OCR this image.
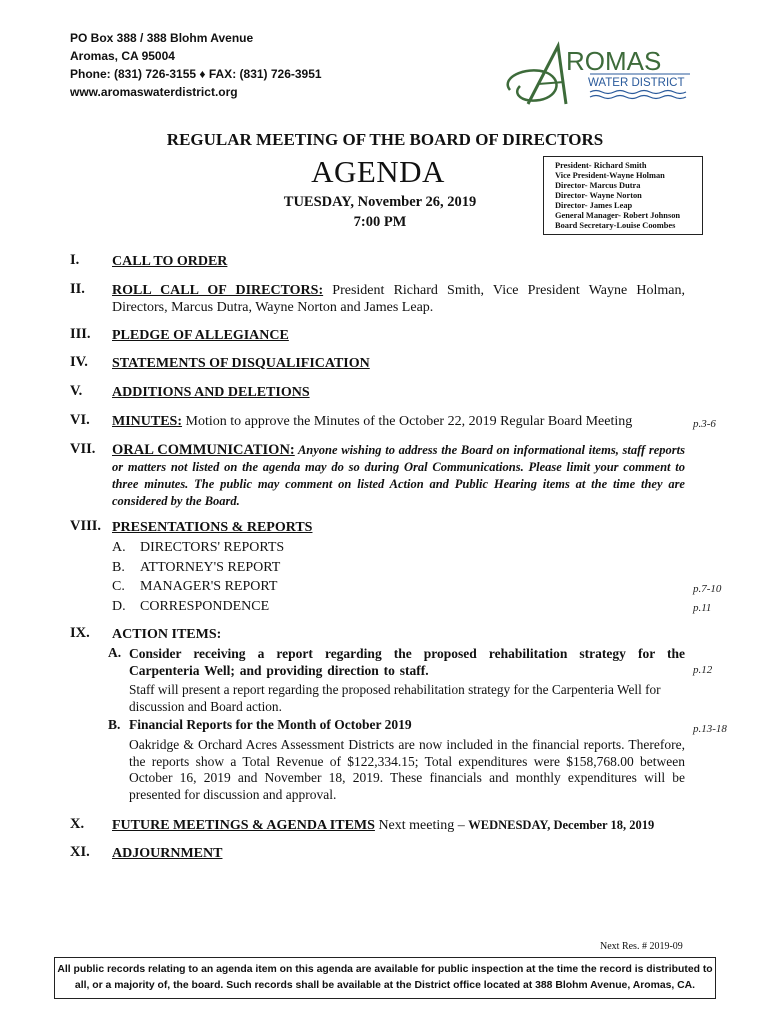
PO Box 388 / 388 Blohm Avenue
Aromas, CA 95004
Phone: (831) 726-3155 ♦ FAX: (831) 726-3951
www.aromaswaterdistrict.org
ROMAS
WATER DISTRICT
REGULAR MEETING OF THE BOARD OF DIRECTORS
AGENDA
TUESDAY, November 26, 2019
7:00 PM
President- Richard Smith
Vice President-Wayne Holman
Director- Marcus Dutra
Director- Wayne Norton
Director- James Leap
General Manager- Robert Johnson
Board Secretary-Louise Coombes
I. CALL TO ORDER
II. ROLL CALL OF DIRECTORS: President Richard Smith, Vice President Wayne Holman, Directors, Marcus Dutra, Wayne Norton and James Leap.
III. PLEDGE OF ALLEGIANCE
IV. STATEMENTS OF DISQUALIFICATION
V. ADDITIONS AND DELETIONS
VI. MINUTES: Motion to approve the Minutes of the October 22, 2019 Regular Board Meeting	p.3-6
VII. ORAL COMMUNICATION: Anyone wishing to address the Board on informational items, staff reports or matters not listed on the agenda may do so during Oral Communications. Please limit your comment to three minutes. The public may comment on listed Action and Public Hearing items at the time they are considered by the Board.
VIII. PRESENTATIONS & REPORTS
A. DIRECTORS' REPORTS
B. ATTORNEY'S REPORT
C. MANAGER'S REPORT
D. CORRESPONDENCE
p.7-10
p.11
IX. ACTION ITEMS:
A. Consider receiving a report regarding the proposed rehabilitation strategy for the Carpenteria Well; and providing direction to staff.
Staff will present a report regarding the proposed rehabilitation strategy for the Carpenteria Well for discussion and Board action.
p.12
B. Financial Reports for the Month of October 2019
Oakridge & Orchard Acres Assessment Districts are now included in the financial reports. Therefore, the reports show a Total Revenue of $122,334.15; Total expenditures were $158,768.00 between October 16, 2019 and November 18, 2019. These financials and monthly expenditures will be presented for discussion and approval.
p.13-18
X. FUTURE MEETINGS & AGENDA ITEMS Next meeting – WEDNESDAY, December 18, 2019
XI. ADJOURNMENT
Next Res. # 2019-09
All public records relating to an agenda item on this agenda are available for public inspection at the time the record is distributed to all, or a majority of, the board. Such records shall be available at the District office located at 388 Blohm Avenue, Aromas, CA.
